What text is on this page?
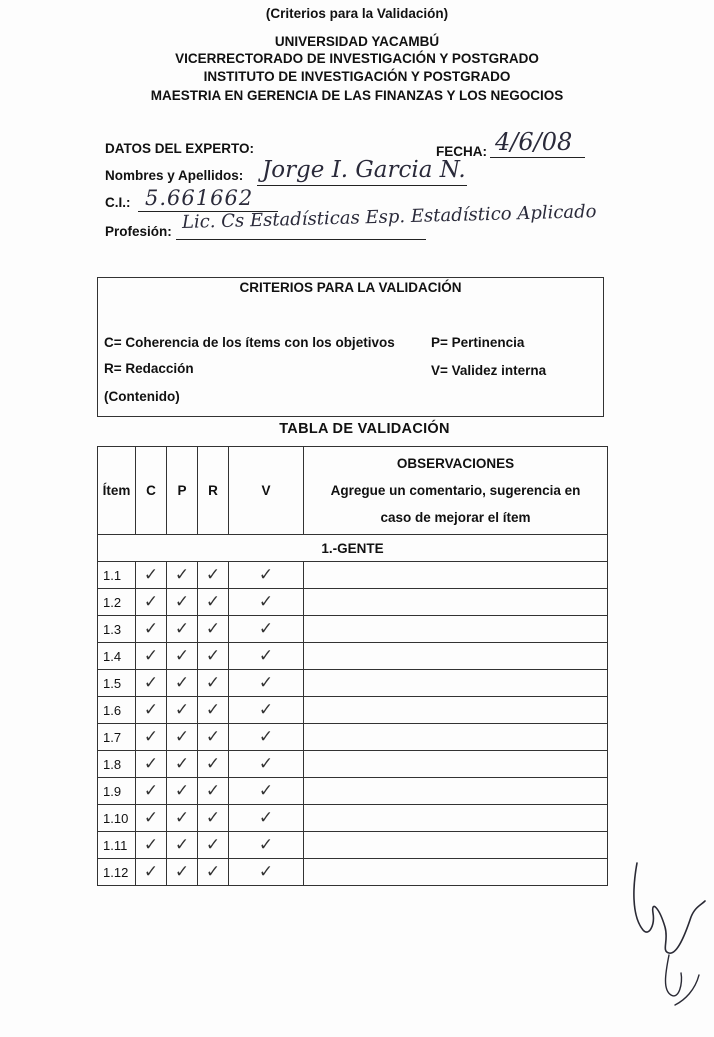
(Criterios para la Validación)
UNIVERSIDAD YACAMBÚ
VICERRECTORADO DE INVESTIGACIÓN Y POSTGRADO
INSTITUTO DE INVESTIGACIÓN Y POSTGRADO
MAESTRIA EN GERENCIA DE LAS FINANZAS Y LOS NEGOCIOS
DATOS DEL EXPERTO:	FECHA: 4/6/08
Nombres y Apellidos: Jorge I. Garcia N.
C.I.: 5.661662
Profesión: Lic. Cs Estadísticas Esp. Estadístico Aplicado
CRITERIOS PARA LA VALIDACIÓN
C= Coherencia de los ítems con los objetivos	P= Pertinencia
R= Redacción	V= Validez interna
(Contenido)
TABLA DE VALIDACIÓN
Ítem	C	P	R	V	OBSERVACIONES
Agregue un comentario, sugerencia en
caso de mejorar el ítem

1.-GENTE					
1.1	✓	✓	✓	✓	
1.2	✓	✓	✓	✓	
1.3	✓	✓	✓	✓	
1.4	✓	✓	✓	✓	
1.5	✓	✓	✓	✓	
1.6	✓	✓	✓	✓	
1.7	✓	✓	✓	✓	
1.8	✓	✓	✓	✓	
1.9	✓	✓	✓	✓	
1.10	✓	✓	✓	✓	
1.11	✓	✓	✓	✓	
1.12	✓	✓	✓	✓	
